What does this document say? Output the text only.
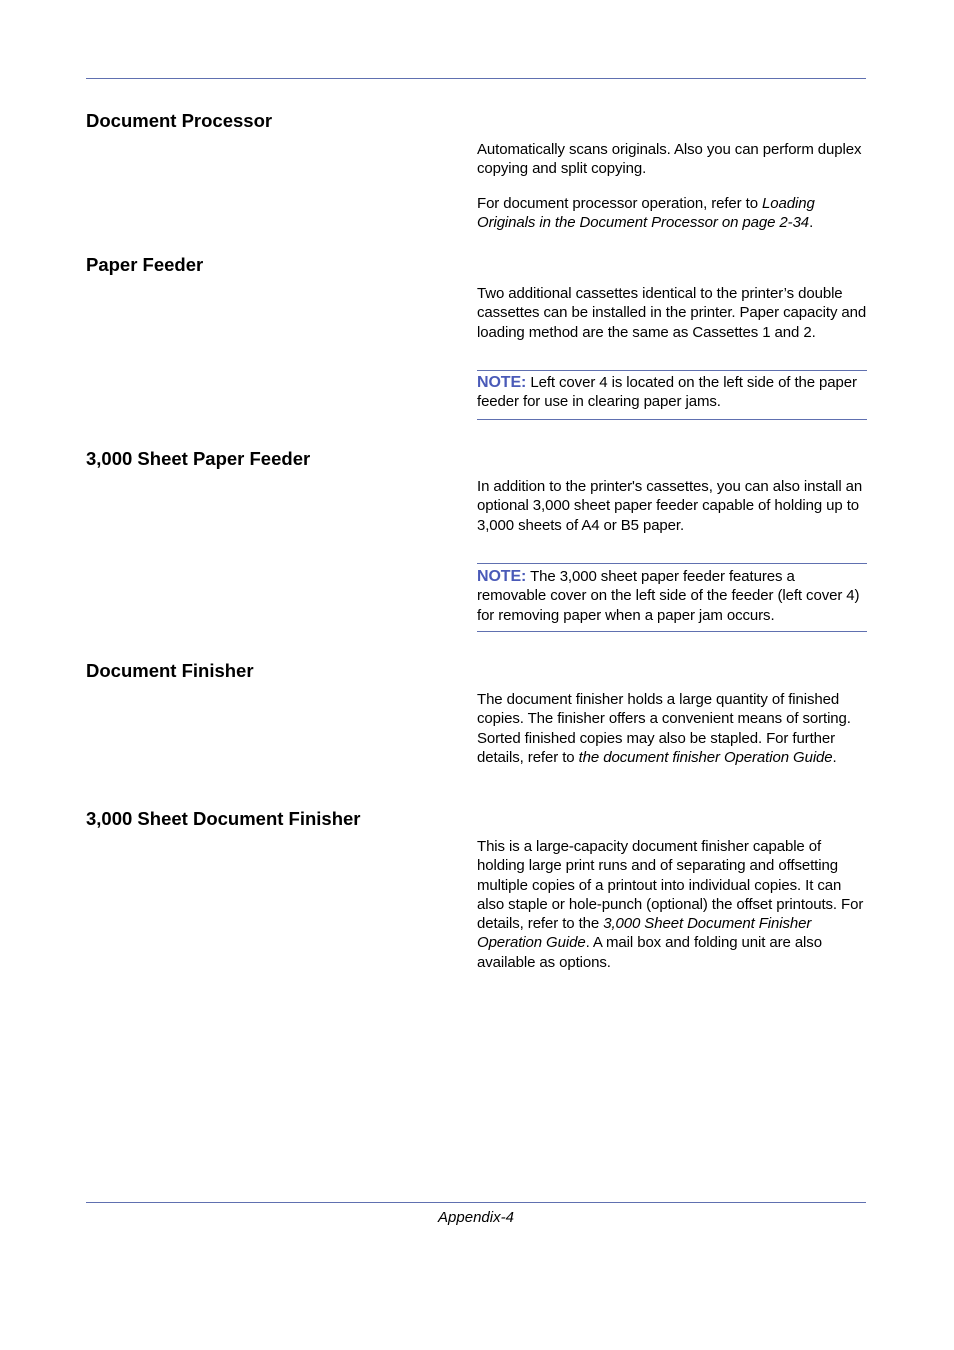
Document Processor

Automatically scans originals. Also you can perform duplex copying and split copying.

For document processor operation, refer to Loading Originals in the Document Processor on page 2-34.

Paper Feeder

Two additional cassettes identical to the printer’s double cassettes can be installed in the printer. Paper capacity and loading method are the same as Cassettes 1 and 2.

NOTE: Left cover 4 is located on the left side of the paper feeder for use in clearing paper jams.

3,000 Sheet Paper Feeder

In addition to the printer's cassettes, you can also install an optional 3,000 sheet paper feeder capable of holding up to 3,000 sheets of A4 or B5 paper.

NOTE: The 3,000 sheet paper feeder features a removable cover on the left side of the feeder (left cover 4) for removing paper when a paper jam occurs.

Document Finisher

The document finisher holds a large quantity of finished copies. The finisher offers a convenient means of sorting. Sorted finished copies may also be stapled. For further details, refer to the document finisher Operation Guide.

3,000 Sheet Document Finisher

This is a large-capacity document finisher capable of holding large print runs and of separating and offsetting multiple copies of a printout into individual copies. It can also staple or hole-punch (optional) the offset printouts. For details, refer to the 3,000 Sheet Document Finisher Operation Guide. A mail box and folding unit are also available as options.

Appendix-4
